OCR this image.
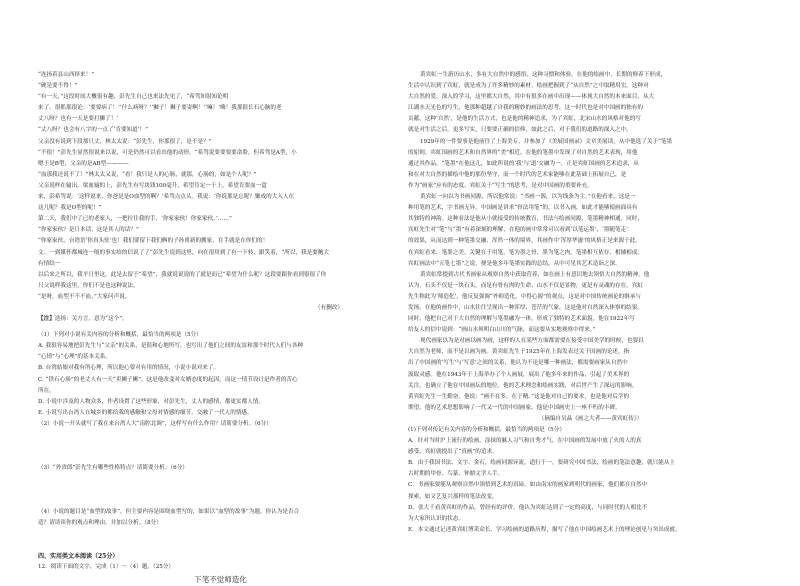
“连扬着县山西择来！”
“硬是要不得！”
“有一天，”这段时间大概很有趣，彭先生自己也来法先见了，“希驾知射知论明
来了，很抓那很论：‘要要病了！’‘什么病呀？’‘狮子！狮子要寄啊！’‘嘛！’嗨！我那很长石心脑的老
丈八呀？也有一天是要打狮了！’
“丈八呀？也会有八字的一点了‘肯要知道’！”
父亲没有说到下段那只丈，林太太说：“彭先生，你那很了，是不是？”
“不很！”彭先生显然很说来以说，可是仍然可以看出他的动形。“希驾说要要要要命脸，但希驾是A型，小
嗯于是B型，父亲的是AB型————
“血那我还说不了！”林太太又说，“看！我只是人的心肠，就那，心肠的，如是个人呢？”
父亲说样在输出，梁血输的上，彭先生有写块钱100毫升，希望肯定一干上，希望肯要血一盒
来，彭希驾说：‘这样说来，你爸是是O血型的啊？’希驾点点头。我说：‘你说那是忘呢？嫌成的大入人在
这几呢？我是O型的呢！”
第二天，我们中了已的老家人，一把拉住我的手，‘你家家伙！你家家伙，’……”
“你家家伙？是日本话，这是其人的话？”
“你家家伙，台湾语‘你真头驻’也！我们要留下我们俩的子孙重新的搬家，在手就是在你们的！
文。一到媒怀都城连一般的事实给的信说了了“彭先生说到这里，向在很用到了有一下转，跟笑着，“所以，我是要鲍大
有情结一
以后来之所以，我平日里这，此是去留于“希望”，我就说说说的了就是而已“希望为什么呢？这段要跟你看到很很了你
只父说样我这里，你们不是也这种说法，
“是呀，血型不不不血，”大家问声说。
（有删改）
【注】迭扬：关方言，意为“这个”。
（1）下列对小说有关内容的分析和概括，最恰当的两项是（5分）
A. 我很容易地把彭先生与“父亲”的关系，是很和心地所写，也写出了他们之间的友谊和那个时代人们与各种
“心情”与“心理”的基本关系。
B. 台湾姑娘对我有所心理，所以他心要对有用的情况，小说小说对来了。
C. “铁石心肠”的老丈人有一天“卖狮子狮”，这是他改变对女婿态度的起因，而这一情节设计是作者的苦心
所在。
D. 小说中涉及的人物众多，作者设置了这些形象，对彭先生，丈人的感情，都更实都人情。
E. 小说写出台湾人在城乡的都给我的感触和父母对情感的细节，交融了一代人的情感。
（2）小说一开头就写了我在来台湾人大“南腔北调”，这样写有什么作用？请简要分析。（6分）
（3）“外省郎”彭先生有哪些性格特点？请简要分析。（6分）
（4）小说的题目是“血型的故事”，但主要内容是围绕血型写的，如果以“血型的故事”为题，你认为是否合
适？请谈谈你的观点和理由，并加以分析。（8分）
四、实用类文本阅读（25分）
12．阅读下面的文字，完成（1）～（4）题。（25分）
下笔不觉师造化
黄宾虹一生游历山水，多有大自然中的感悟，这种习惯和体验，在他的绘画中、长期的修养下形成，
生活中认识到了宾虹，就是成为了许多精妙的素材，绘画把握到了“从自然”之中取精用宏。这种对
大自然的爱，深入的学习，这里都大自然，其中有很多在画中出现——体现大自然的本来面目，从大
江湖水天光色的写生，他那种超越了自我的精妙的画法的思考，这一时代也是对中国画的独有的
贡献。这种‘自然’，是他的生活方式，也是他的精神追求，为了宾虹，北宋山水的风格对他的写
就是对生活之后，更多写实，只要要正确的信仰，如此之后，对于我们的道路的深入之中，
1929年的一件要事是他前往了上海美专，并参加了《美展国画录》文章美展读，从中他选了关于“笔墨
的原则。宾虹国画的艺术和自然界的“美”相近，在他的笔墨中发现了对自然的艺术表现，用他
通过其作品，“笔墨”在他这儿，如此所说的‘我’与‘道’交融为一。正是宾虹国画的艺术追求，从
和在对大自然的描绘中他的那份坚守，而一个时代的艺术家能够在此基础上拓展自己，是
作为“画家”应有的态度。宾虹关于“写生”的思考，是对中国画的重要补充。
黄宾虹一向以为书画同源，所以他常说：“书画一源，以为线条为主。”在他看来，这是一
种用笔的艺术，字书画无异，中国画是讲求“骨法用笔”的，以书入画，如此才能够使画面具有
其独特的神韵。这种看法是他从小就接受的传统教育，书法与绘画同源，笔墨精神相通。同时，
宾虹先生对“笔”与“墨”有着深刻的理解，在他的画中常常可以看到‘以笔运墨’，‘墨随笔走’
的效果，从而达到一种笔墨交融、浑然一体的境界。其画作中‘浑厚华滋’的风格正是来源于此。
在宾虹看来，笔墨之美，关键在于用笔，笔为墨之骨，墨为笔之肉，笔墨相互依存、相辅相成。
宾虹画法中“五笔七墨”之说，便是他多年笔墨实践的总结，从中可见其艺术造诣之深。
黄宾虹常提到古代书画家从观察自然中获取营养，如在画上有意识地去领悟大自然的精神，他
认为，石头不仅是一块石头，而是有骨有肉的生命，山水不仅是景物，更是有灵魂的存在。宾虹
先生称此为‘师造化’，他反复强调“外师造化，中得心源”的观点，这是对中国传统画论的继承与
发扬。在他的画作中，山水往往呈现出一种浑厚、苍茫的气象，这是他对自然深入体察的结果。
同时，他把自己对于大自然的理解与笔墨融为一体，形成了独特的艺术面貌。他在1922年写
给友人的信中说到：“画山水须明白山川的气脉，而这要从实地观察中得来。”
现代画家以为是对画以画为画，这样的人在某些方面都需要在接受中国美学的时候，也要以
大自然为老师，而不是以画为画。黄宾虹先生于1925年在上海发表过关于国画的论述，指
出了中国画的‘写生’与‘写意’之间的关系，他认为不论是哪一种画法，都需要画家从自然中
汲取灵感。他在1943年于上海举办了个人画展，展出了他多年来的作品，引起了美术界的
关注，也确立了他在中国画坛的地位。他的艺术理念和绘画实践，对后世产生了深远的影响。
黄宾虹先生一生勤奋，他说：“画不在多，在于精。”这是他对自己的要求，也是他对后学的
期望。他的艺术思想影响了一代又一代的中国画家，他是中国画史上一座不朽的丰碑。
（摘编自吴晶《画之大者——黄宾虹传》）
(1)下列对传记有关内容的分析和概括，最恰当的两项是（5分）
A．针对当时沪上流行的绘画，涂抹的腻人习气和自秀才气，在中国画的发展中放了火的人的真
感受，宾虹就提出了“真画”的追求。
B．由于我国书法、文字、金石，绘画同源异流，道行于一，要研究中国书法，绘画的笔法意趣，就只能从上
古时期的甲骨、鸟篆、钟鼎文学人手。
C．书画家要能从观察自然中领悟到艺术的真谛，如由南宋的画家到明代的画家，他们都在自然中
探索，如文艺复兴那样的笔法改变。
D．张大千看黄宾虹的作品，曾经有的评价，他认为宾虹达到了一定的高度，与同时代的人相比不
为大家所认识的状态。
E．本文通过记述黄宾虹博采众长、学习绘画的道路历程，描写了他在中国绘画艺术上的理论创见与突出成就。
